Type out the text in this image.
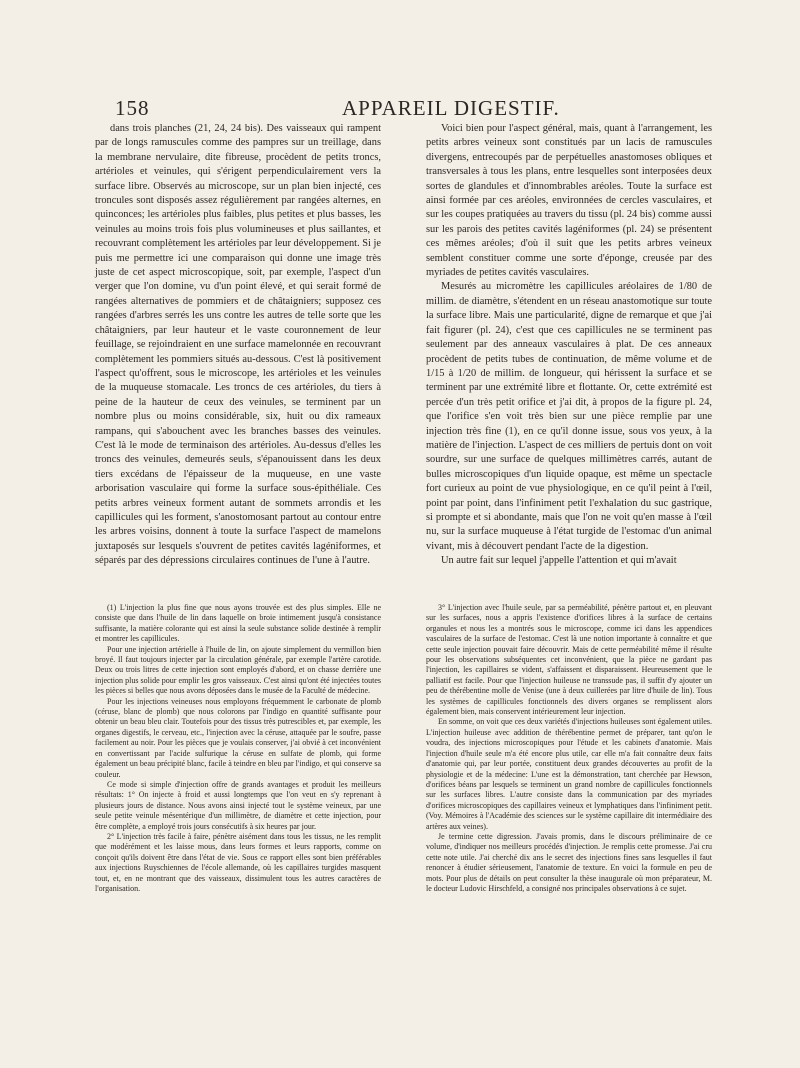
158	APPAREIL DIGESTIF.

dans trois planches (21, 24, 24 bis). Des vaisseaux qui rampent par de longs ramuscules comme des pampres sur un treillage, dans la membrane nervulaire, dite fibreuse, procèdent de petits troncs, artérioles et veinules, qui s'érigent perpendiculairement vers la surface libre. Observés au microscope, sur un plan bien injecté, ces troncules sont disposés assez régulièrement par rangées alternes, en quinconces; les artérioles plus faibles, plus petites et plus basses, les veinules au moins trois fois plus volumineuses et plus saillantes, et recouvrant complètement les artérioles par leur développement. Si je puis me permettre ici une comparaison qui donne une image très juste de cet aspect microscopique, soit, par exemple, l'aspect d'un verger que l'on domine, vu d'un point élevé, et qui serait formé de rangées alternatives de pommiers et de châtaigniers; supposez ces rangées d'arbres serrés les uns contre les autres de telle sorte que les châtaigniers, par leur hauteur et le vaste couronnement de leur feuillage, se rejoindraient en une surface mamelonnée en recouvrant complètement les pommiers situés au-dessous. C'est là positivement l'aspect qu'offrent, sous le microscope, les artérioles et les veinules de la muqueuse stomacale. Les troncs de ces artérioles, du tiers à peine de la hauteur de ceux des veinules, se terminent par un nombre plus ou moins considérable, six, huit ou dix rameaux rampans, qui s'abouchent avec les branches basses des veinules. C'est là le mode de terminaison des artérioles. Au-dessus d'elles les troncs des veinules, demeurés seuls, s'épanouissent dans les deux tiers excédans de l'épaisseur de la muqueuse, en une vaste arborisation vasculaire qui forme la surface sous-épithéliale. Ces petits arbres veineux forment autant de sommets arrondis et les capillicules qui les forment, s'anostomosant partout au contour entre les arbres voisins, donnent à toute la surface l'aspect de mamelons juxtaposés sur lesquels s'ouvrent de petites cavités lagéniformes, et séparés par des dépressions circulaires continues de l'une à l'autre.

Voici bien pour l'aspect général, mais, quant à l'arrangement, les petits arbres veineux sont constitués par un lacis de ramuscules divergens, entrecoupés par de perpétuelles anastomoses obliques et transversales à tous les plans, entre lesquelles sont interposées deux sortes de glandules et d'innombrables aréoles. Toute la surface est ainsi formée par ces aréoles, environnées de cercles vasculaires, et sur les coupes pratiquées au travers du tissu (pl. 24 bis) comme aussi sur les parois des petites cavités lagéniformes (pl. 24) se présentent ces mêmes aréoles; d'où il suit que les petits arbres veineux semblent constituer comme une sorte d'éponge, creusée par des myriades de petites cavités vasculaires.

Mesurés au micromètre les capillicules aréolaires de 1/80 de millim. de diamètre, s'étendent en un réseau anastomotique sur toute la surface libre. Mais une particularité, digne de remarque et que j'ai fait figurer (pl. 24), c'est que ces capillicules ne se terminent pas seulement par des anneaux vasculaires à plat. De ces anneaux procèdent de petits tubes de continuation, de même volume et de 1/15 à 1/20 de millim. de longueur, qui hérissent la surface et se terminent par une extrémité libre et flottante. Or, cette extrémité est percée d'un très petit orifice et j'ai dit, à propos de la figure pl. 24, que l'orifice s'en voit très bien sur une pièce remplie par une injection très fine (1), en ce qu'il donne issue, sous vos yeux, à la matière de l'injection. L'aspect de ces milliers de pertuis dont on voit sourdre, sur une surface de quelques millimètres carrés, autant de bulles microscopiques d'un liquide opaque, est même un spectacle fort curieux au point de vue physiologique, en ce qu'il peint à l'œil, point par point, dans l'infiniment petit l'exhalation du suc gastrique, si prompte et si abondante, mais que l'on ne voit qu'en masse à l'œil nu, sur la surface muqueuse à l'état turgide de l'estomac d'un animal vivant, mis à découvert pendant l'acte de la digestion.

Un autre fait sur lequel j'appelle l'attention et qui m'avait

(1) L'injection la plus fine que nous ayons trouvée est des plus simples. Elle ne consiste que dans l'huile de lin dans laquelle on broie intimement jusqu'à consistance suffisante, la matière colorante qui est ainsi la seule substance solide destinée à remplir et montrer les capillicules.

Pour une injection artérielle à l'huile de lin, on ajoute simplement du vermillon bien broyé. Il faut toujours injecter par la circulation générale, par exemple l'artère carotide. Deux ou trois litres de cette injection sont employés d'abord, et on chasse derrière une injection plus solide pour emplir les gros vaisseaux. C'est ainsi qu'ont été injectées toutes les pièces si belles que nous avons déposées dans le musée de la Faculté de médecine.

Pour les injections veineuses nous employons fréquemment le carbonate de plomb (céruse, blanc de plomb) que nous colorons par l'indigo en quantité suffisante pour obtenir un beau bleu clair. Toutefois pour des tissus très putrescibles et, par exemple, les organes digestifs, le cerveau, etc., l'injection avec la céruse, attaquée par le soufre, passe facilement au noir. Pour les pièces que je voulais conserver, j'ai obvié à cet inconvénient en convertissant par l'acide sulfurique la céruse en sulfate de plomb, qui forme également un beau précipité blanc, facile à teindre en bleu par l'indigo, et qui conserve sa couleur.

Ce mode si simple d'injection offre de grands avantages et produit les meilleurs résultats: 1° On injecte à froid et aussi longtemps que l'on veut en s'y reprenant à plusieurs jours de distance. Nous avons ainsi injecté tout le système veineux, par une seule petite veinule mésentérique d'un millimètre, de diamètre et cette injection, pour être complète, a employé trois jours consécutifs à six heures par jour.

2° L'injection très facile à faire, pénètre aisément dans tous les tissus, ne les remplit que modérément et les laisse mous, dans leurs formes et leurs rapports, comme on conçoit qu'ils doivent être dans l'état de vie. Sous ce rapport elles sont bien préférables aux injections Ruyschiennes de l'école allemande, où les capillaires turgides masquent tout, et, en ne montrant que des vaisseaux, dissimulent tous les autres caractères de l'organisation.

3° L'injection avec l'huile seule, par sa perméabilité, pénètre partout et, en pleuvant sur les surfaces, nous a appris l'existence d'orifices libres à la surface de certains organules et nous les a montrés sous le microscope, comme ici dans les appendices vasculaires de la surface de l'estomac. C'est là une notion importante à connaître et que cette seule injection pouvait faire découvrir. Mais de cette perméabilité même il résulte pour les observations subséquentes cet inconvénient, que la pièce ne gardant pas l'injection, les capillaires se vident, s'affaissent et disparaissent. Heureusement que le palliatif est facile. Pour que l'injection huileuse ne transsude pas, il suffit d'y ajouter un peu de thérébentine molle de Venise (une à deux cuillerées par litre d'huile de lin). Tous les systèmes de capillicules fonctionnels des divers organes se remplissent alors également bien, mais conservent intérieurement leur injection.

En somme, on voit que ces deux variétés d'injections huileuses sont également utiles. L'injection huileuse avec addition de thérébentine permet de préparer, tant qu'on le voudra, des injections microscopiques pour l'étude et les cabinets d'anatomie. Mais l'injection d'huile seule m'a été encore plus utile, car elle m'a fait connaître deux faits d'anatomie qui, par leur portée, constituent deux grandes découvertes au profit de la physiologie et de la médecine: L'une est la démonstration, tant cherchée par Hewson, d'orifices béans par lesquels se terminent un grand nombre de capillicules fonctionnels sur les surfaces libres. L'autre consiste dans la communication par des myriades d'orifices microscopiques des capillaires veineux et lymphatiques dans l'infiniment petit. (Voy. Mémoires à l'Académie des sciences sur le système capillaire dit intermédiaire des artères aux veines).

Je termine cette digression. J'avais promis, dans le discours préliminaire de ce volume, d'indiquer nos meilleurs procédés d'injection. Je remplis cette promesse. J'ai cru cette note utile. J'ai cherché dix ans le secret des injections fines sans lesquelles il faut renoncer à étudier sérieusement, l'anatomie de texture. En voici la formule en peu de mots. Pour plus de détails on peut consulter la thèse inaugurale où mon préparateur, M. le docteur Ludovic Hirschfeld, a consigné nos principales observations à ce sujet.
